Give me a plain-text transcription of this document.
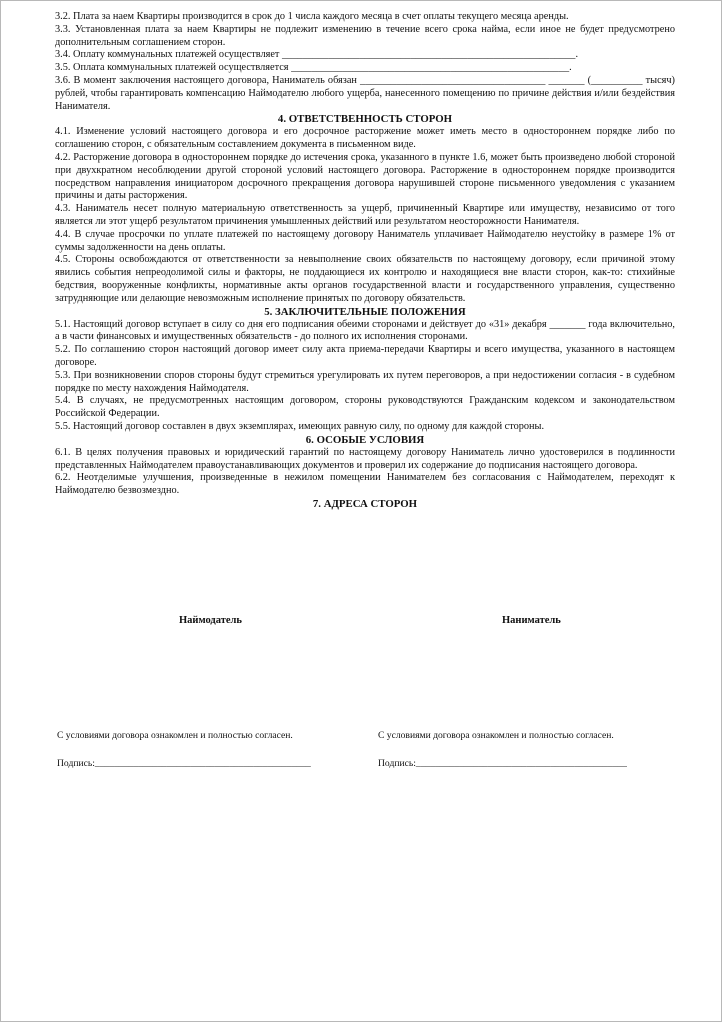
3.2. Плата за наем Квартиры производится в срок до 1 числа каждого месяца в счет оплаты текущего месяца аренды.

3.3. Установленная плата за наем Квартиры не подлежит изменению в течение всего срока найма, если иное не будет предусмотрено дополнительным соглашением сторон.

3.4. Оплату коммунальных платежей осуществляет _________________________________________________________.

3.5. Оплата коммунальных платежей осуществляется ______________________________________________________.

3.6. В момент заключения настоящего договора, Наниматель обязан ____________________________________ _______ (__________ тысяч) рублей, чтобы гарантировать компенсацию Наймодателю любого ущерба, нанесенного помещению по причине действия и/или бездействия Нанимателя.

4. ОТВЕТСТВЕННОСТЬ СТОРОН

4.1. Изменение условий настоящего договора и его досрочное расторжение может иметь место в одностороннем порядке либо по соглашению сторон, с обязательным составлением документа в письменном виде.

4.2. Расторжение договора в одностороннем порядке до истечения срока, указанного в пункте 1.6, может быть произведено любой стороной при двухкратном несоблюдении другой стороной условий настоящего договора. Расторжение в одностороннем порядке производится посредством направления инициатором досрочного прекращения договора нарушившей стороне письменного уведомления с указанием причины и даты расторжения.

4.3. Наниматель несет полную материальную ответственность за ущерб, причиненный Квартире или имуществу, независимо от того является ли этот ущерб результатом причинения умышленных действий или результатом неосторожности Нанимателя.

4.4. В случае просрочки по уплате платежей по настоящему договору Наниматель уплачивает Наймодателю неустойку в размере 1% от суммы задолженности на день оплаты.

4.5. Стороны освобождаются от ответственности за невыполнение своих обязательств по настоящему договору, если причиной этому явились события непреодолимой силы и факторы, не поддающиеся их контролю и находящиеся вне власти сторон, как-то: стихийные бедствия, вооруженные конфликты, нормативные акты органов государственной власти и государственного управления, существенно затрудняющие или делающие невозможным исполнение принятых по договору обязательств.

5. ЗАКЛЮЧИТЕЛЬНЫЕ ПОЛОЖЕНИЯ

5.1. Настоящий договор вступает в силу со дня его подписания обеими сторонами и действует до «31» декабря _______ года включительно, а в части финансовых и имущественных обязательств - до полного их исполнения сторонами.

5.2. По соглашению сторон настоящий договор имеет силу акта приема-передачи Квартиры и всего имущества, указанного в настоящем договоре.

5.3. При возникновении споров стороны будут стремиться урегулировать их путем переговоров, а при недостижении согласия - в судебном порядке по месту нахождения Наймодателя.

5.4. В случаях, не предусмотренных настоящим договором, стороны руководствуются Гражданским кодексом и законодательством Российской Федерации.

5.5. Настоящий договор составлен в двух экземплярах, имеющих равную силу, по одному для каждой стороны.

6. ОСОБЫЕ УСЛОВИЯ

6.1. В целях получения правовых и юридический гарантий по настоящему договору Наниматель лично удостоверился в подлинности представленных Наймодателем правоустанавливающих документов и проверил их содержание до подписания настоящего договора.

6.2. Неотделимые улучшения, произведенные в нежилом помещении Нанимателем без согласования с Наймодателем, переходят к Наймодателю безвозмездно.

7. АДРЕСА СТОРОН
Наймодатель	Наниматель
С условиями договора ознакомлен и полностью согласен.	С условиями договора ознакомлен и полностью согласен.
Подпись:_____________________________________________	Подпись:____________________________________________
